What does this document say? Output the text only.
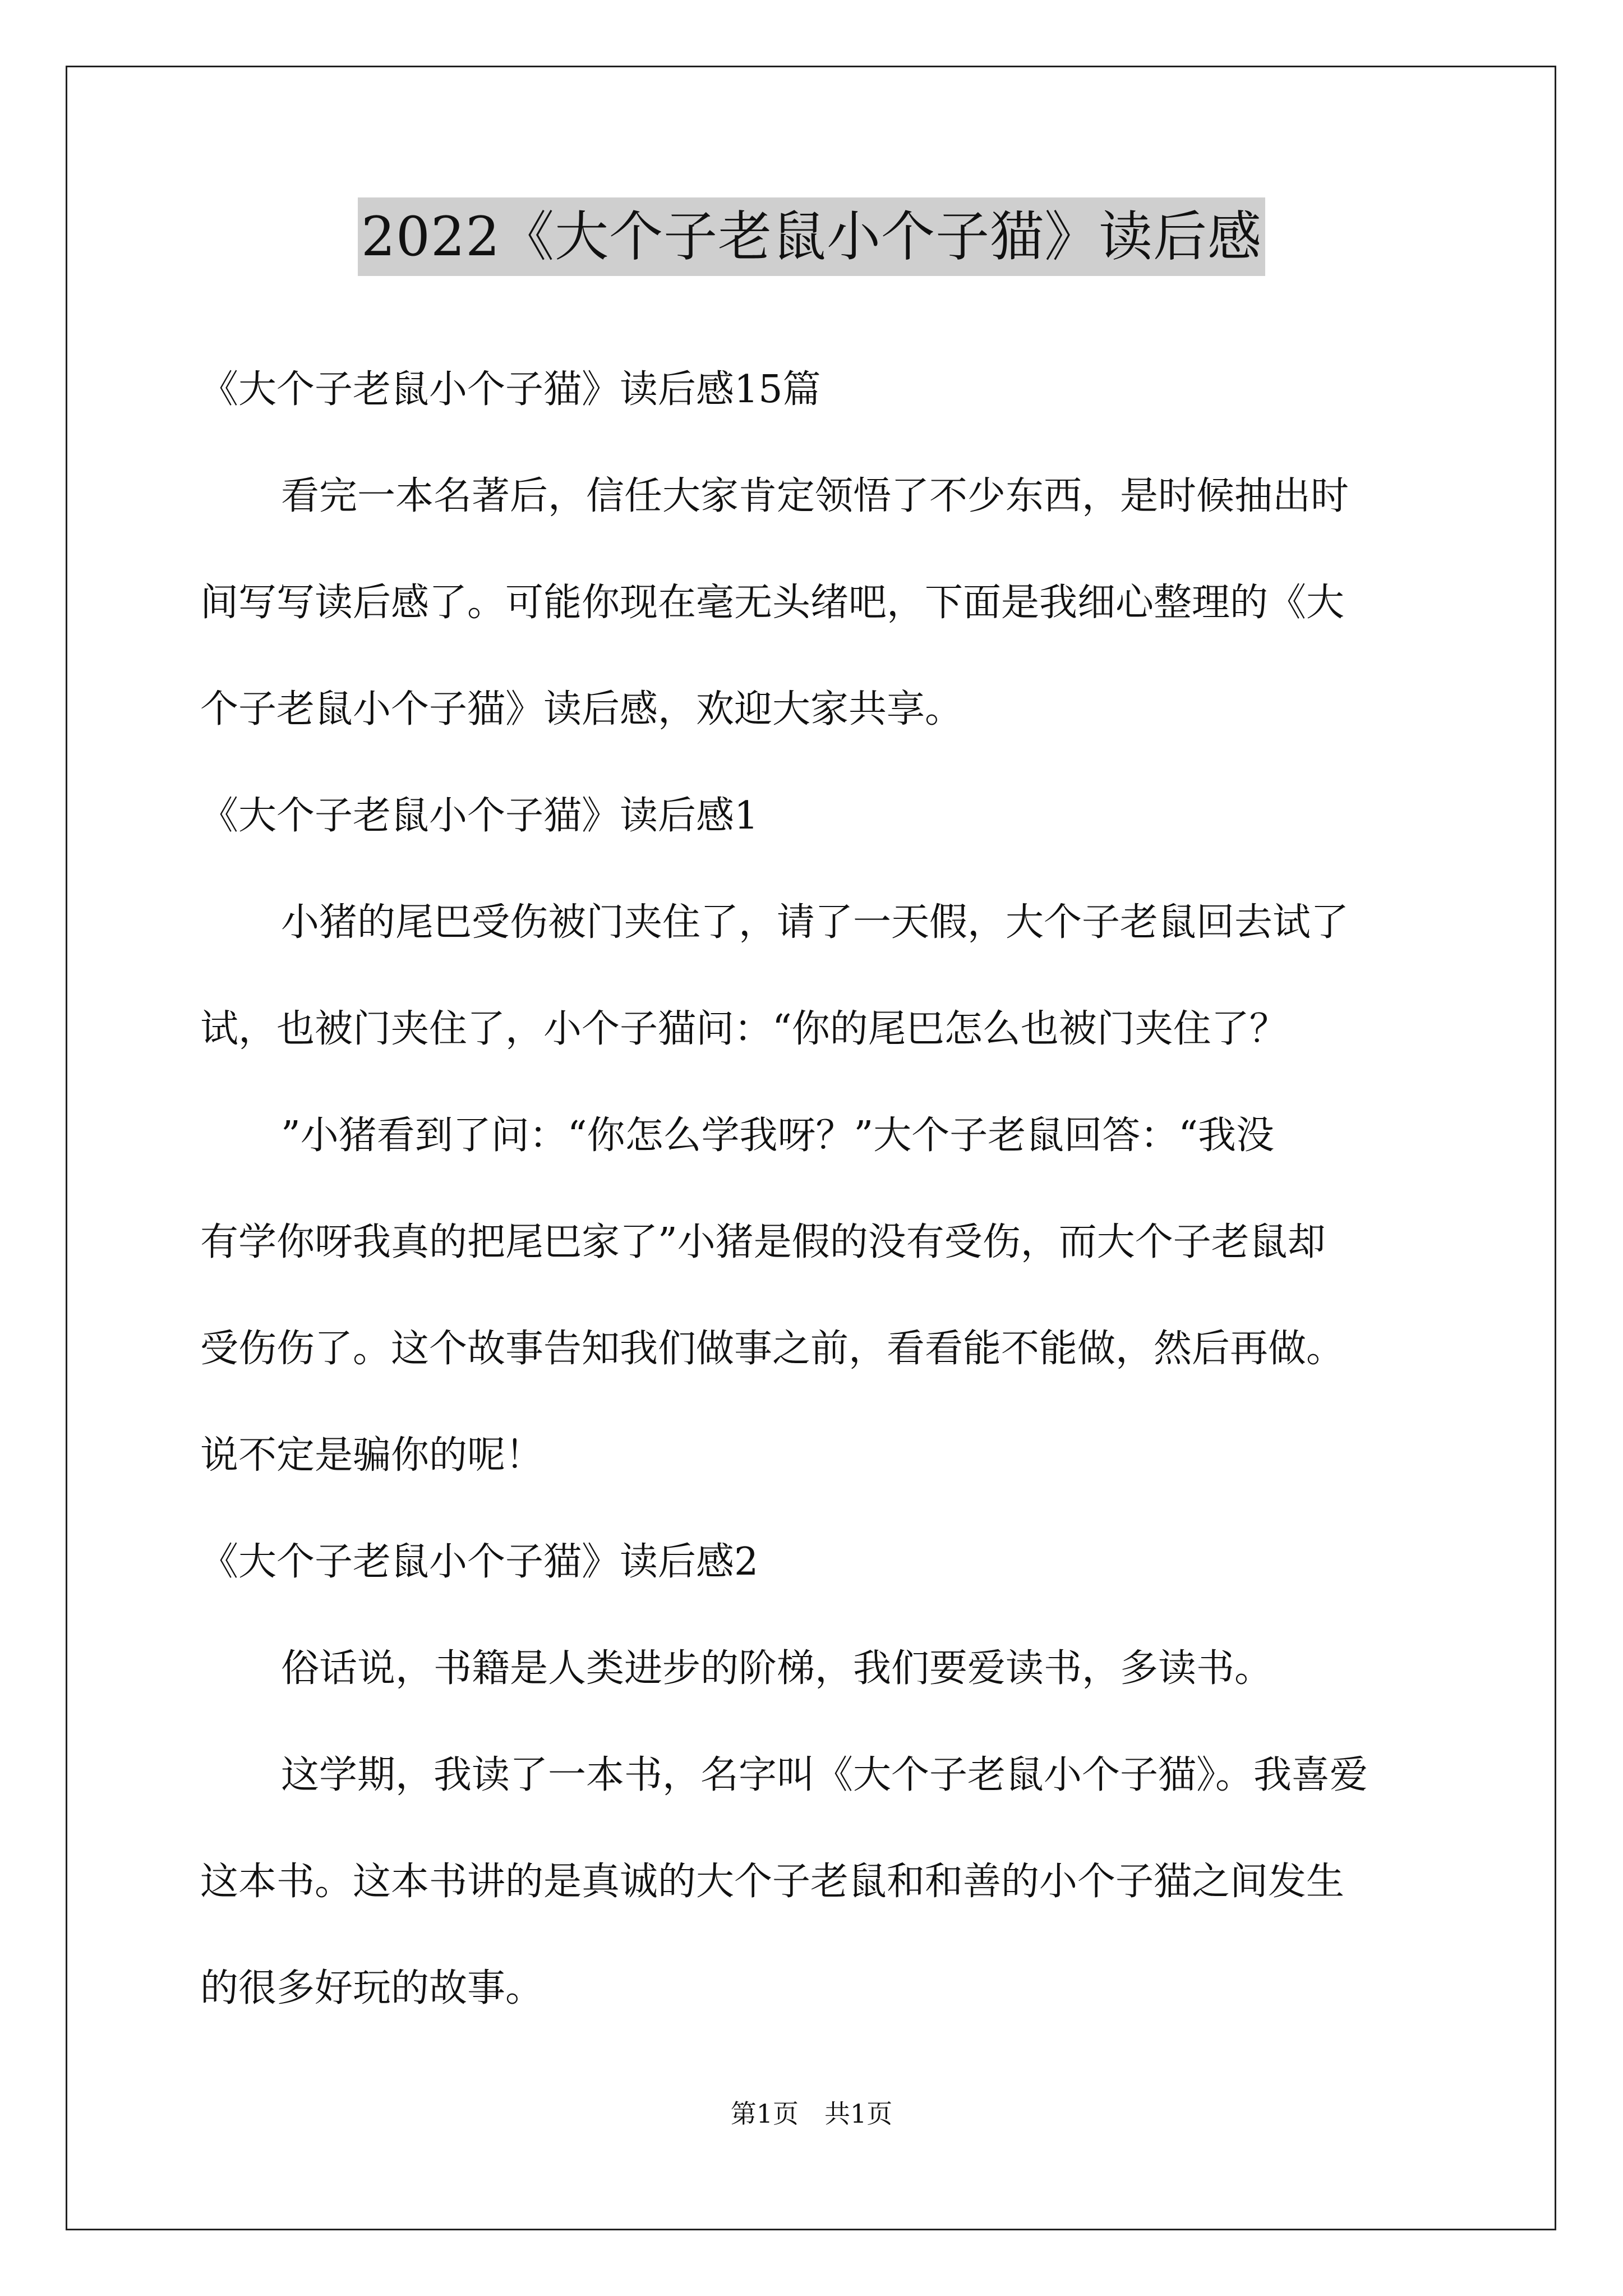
2022《大个子老鼠小个子猫》读后感
《大个子老鼠小个子猫》读后感15篇
看完一本名著后，信任大家肯定领悟了不少东西，是时候抽出时
间写写读后感了。可能你现在毫无头绪吧，下面是我细心整理的《大
个子老鼠小个子猫》读后感，欢迎大家共享。
《大个子老鼠小个子猫》读后感1
小猪的尾巴受伤被门夹住了，请了一天假，大个子老鼠回去试了
试，也被门夹住了，小个子猫问：“你的尾巴怎么也被门夹住了？
”小猪看到了问：“你怎么学我呀？”大个子老鼠回答：“我没
有学你呀我真的把尾巴家了”小猪是假的没有受伤，而大个子老鼠却
受伤伤了。这个故事告知我们做事之前，看看能不能做，然后再做。
说不定是骗你的呢！
《大个子老鼠小个子猫》读后感2
俗话说，书籍是人类进步的阶梯，我们要爱读书，多读书。
这学期，我读了一本书，名字叫《大个子老鼠小个子猫》。我喜爱
这本书。这本书讲的是真诚的大个子老鼠和和善的小个子猫之间发生
的很多好玩的故事。
第1页　共1页
